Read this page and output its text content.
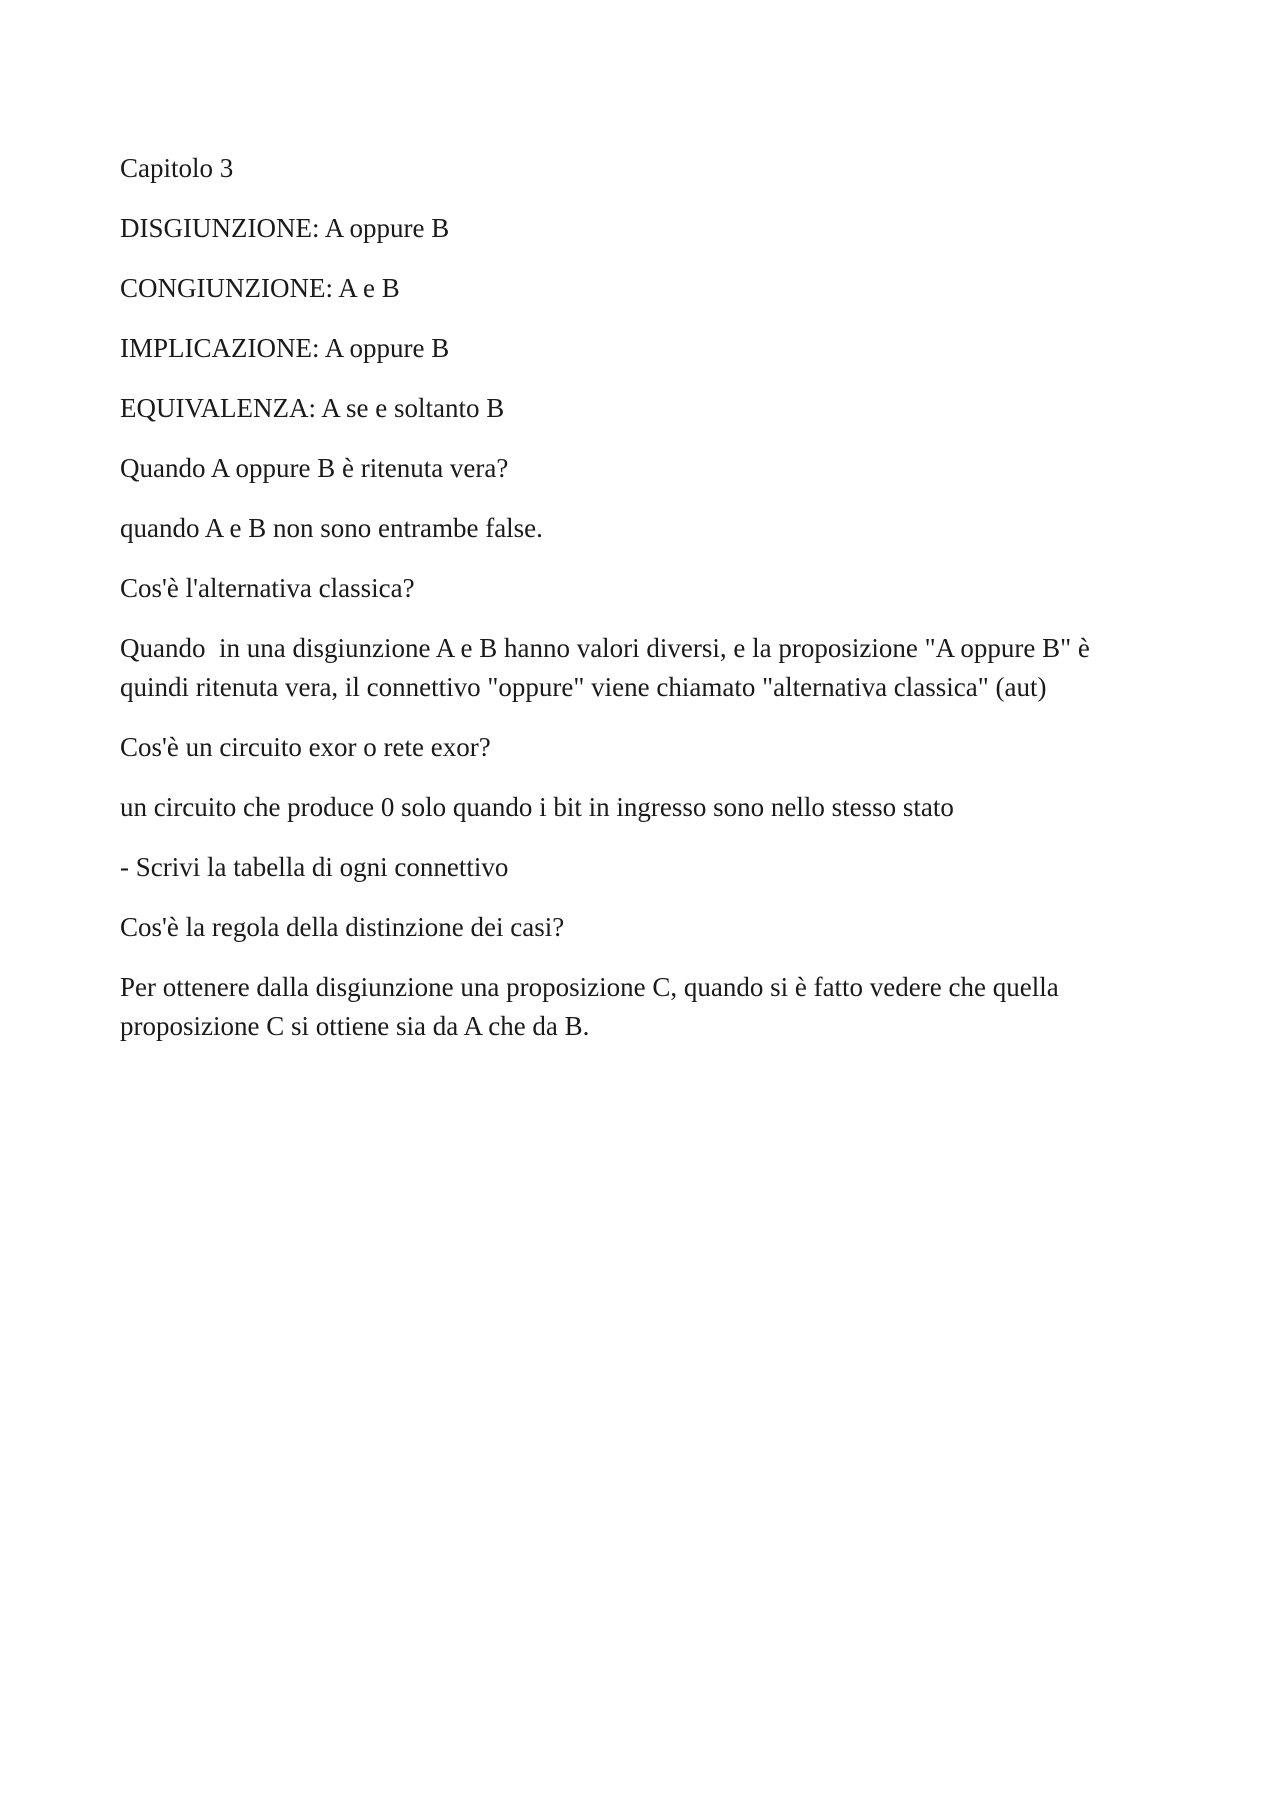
Capitolo 3

DISGIUNZIONE: A oppure B

CONGIUNZIONE: A e B

IMPLICAZIONE: A oppure B

EQUIVALENZA: A se e soltanto B

Quando A oppure B è ritenuta vera?

quando A e B non sono entrambe false.

Cos'è l'alternativa classica?

Quando  in una disgiunzione A e B hanno valori diversi, e la proposizione "A oppure B" è quindi ritenuta vera, il connettivo "oppure" viene chiamato "alternativa classica" (aut)

Cos'è un circuito exor o rete exor?

un circuito che produce 0 solo quando i bit in ingresso sono nello stesso stato

- Scrivi la tabella di ogni connettivo

Cos'è la regola della distinzione dei casi?

Per ottenere dalla disgiunzione una proposizione C, quando si è fatto vedere che quella proposizione C si ottiene sia da A che da B.
